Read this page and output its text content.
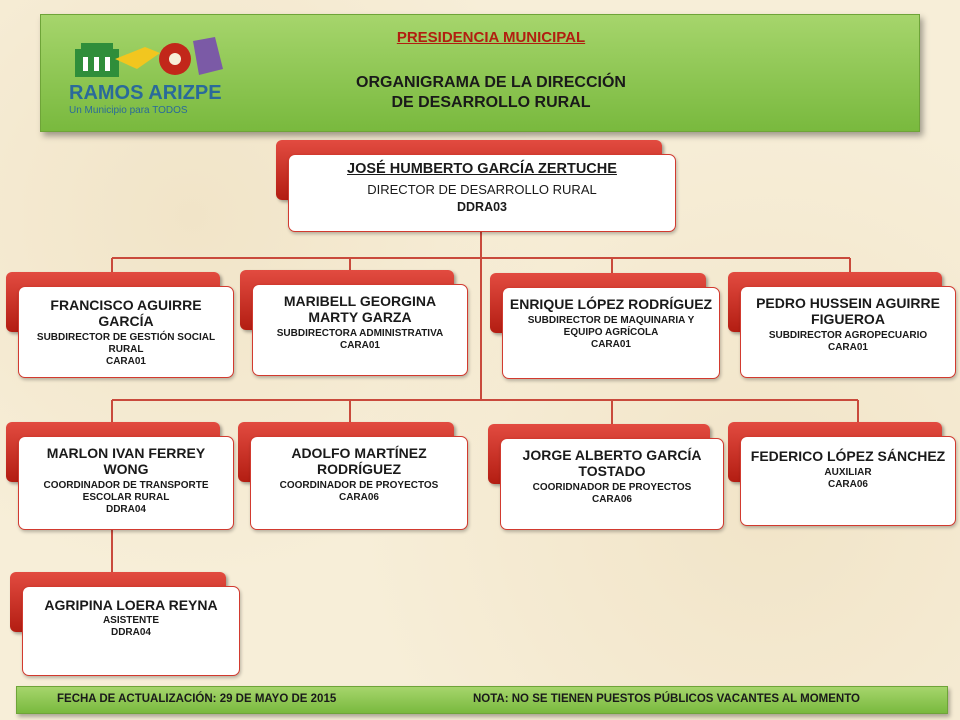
RAMOS ARIZPE
Un Municipio para TODOS
PRESIDENCIA MUNICIPAL
ORGANIGRAMA DE LA DIRECCIÓN
DE DESARROLLO RURAL
JOSÉ HUMBERTO GARCÍA ZERTUCHE
DIRECTOR DE DESARROLLO RURAL
DDRA03
FRANCISCO AGUIRRE GARCÍA
SUBDIRECTOR DE GESTIÓN SOCIAL RURAL
CARA01
MARIBELL GEORGINA MARTY GARZA
SUBDIRECTORA ADMINISTRATIVA
CARA01
ENRIQUE LÓPEZ RODRÍGUEZ
SUBDIRECTOR DE MAQUINARIA Y EQUIPO AGRÍCOLA
CARA01
PEDRO HUSSEIN AGUIRRE FIGUEROA
SUBDIRECTOR AGROPECUARIO
CARA01
MARLON IVAN FERREY WONG
COORDINADOR DE TRANSPORTE ESCOLAR RURAL
DDRA04
ADOLFO MARTÍNEZ RODRÍGUEZ
COORDINADOR DE PROYECTOS
CARA06
JORGE ALBERTO GARCÍA TOSTADO
COORIDNADOR DE PROYECTOS
CARA06
FEDERICO LÓPEZ SÁNCHEZ
AUXILIAR
CARA06
AGRIPINA LOERA REYNA
ASISTENTE
DDRA04
FECHA DE ACTUALIZACIÓN: 29 DE MAYO DE 2015	NOTA: NO SE TIENEN PUESTOS PÚBLICOS VACANTES AL MOMENTO
